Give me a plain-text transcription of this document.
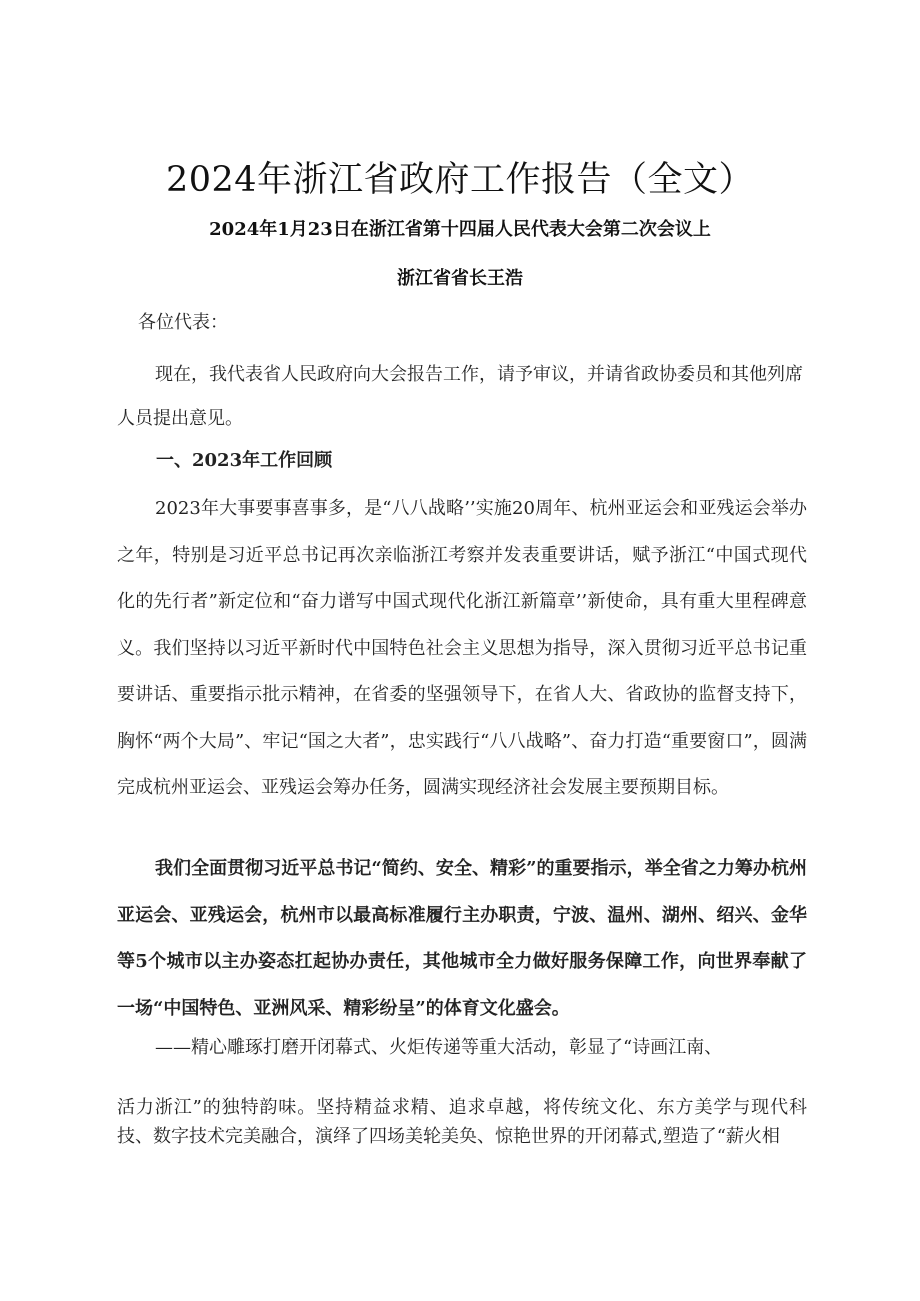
2024年浙江省政府工作报告（全文）
2024年1月23日在浙江省第十四届人民代表大会第二次会议上
浙江省省长王浩

各位代表：

现在，我代表省人民政府向大会报告工作，请予审议，并请省政协委员和其他列席人员提出意见。

一、2023年工作回顾

2023年大事要事喜事多，是“八八战略’’实施20周年、杭州亚运会和亚残运会举办之年，特别是习近平总书记再次亲临浙江考察并发表重要讲话，赋予浙江“中国式现代化的先行者”新定位和“奋力谱写中国式现代化浙江新篇章’’新使命，具有重大里程碑意义。我们坚持以习近平新时代中国特色社会主义思想为指导，深入贯彻习近平总书记重要讲话、重要指示批示精神，在省委的坚强领导下，在省人大、省政协的监督支持下，胸怀“两个大局”、牢记“国之大者”，忠实践行“八八战略”、奋力打造“重要窗口”，圆满完成杭州亚运会、亚残运会筹办任务，圆满实现经济社会发展主要预期目标。

我们全面贯彻习近平总书记“简约、安全、精彩”的重要指示，举全省之力筹办杭州亚运会、亚残运会，杭州市以最高标准履行主办职责，宁波、温州、湖州、绍兴、金华等5个城市以主办姿态扛起协办责任，其他城市全力做好服务保障工作，向世界奉献了一场“中国特色、亚洲风采、精彩纷呈”的体育文化盛会。

——精心雕琢打磨开闭幕式、火炬传递等重大活动，彰显了“诗画江南、

活力浙江”的独特韵味。坚持精益求精、追求卓越，将传统文化、东方美学与现代科技、数字技术完美融合，演绎了四场美轮美奂、惊艳世界的开闭幕式,塑造了“薪火相
